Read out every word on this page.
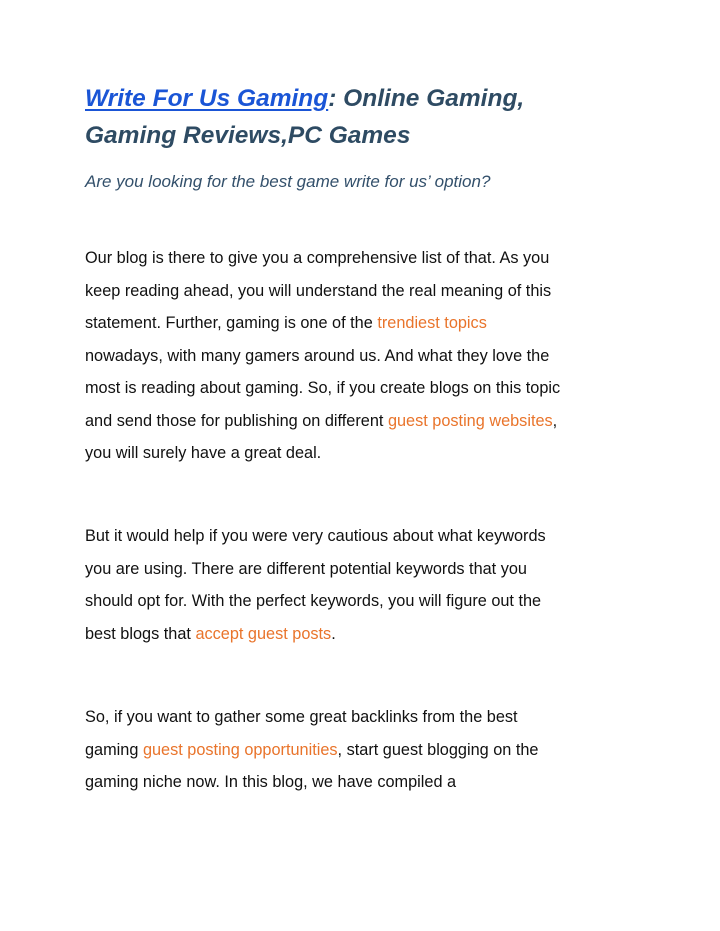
Write For Us Gaming: Online Gaming,
Gaming Reviews,PC Games

Are you looking for the best game write for us’ option?

Our blog is there to give you a comprehensive list of that. As you
keep reading ahead, you will understand the real meaning of this
statement. Further, gaming is one of the trendiest topics
nowadays, with many gamers around us. And what they love the
most is reading about gaming. So, if you create blogs on this topic
and send those for publishing on different guest posting websites,
you will surely have a great deal.

But it would help if you were very cautious about what keywords
you are using. There are different potential keywords that you
should opt for. With the perfect keywords, you will figure out the
best blogs that accept guest posts.

So, if you want to gather some great backlinks from the best
gaming guest posting opportunities, start guest blogging on the
gaming niche now. In this blog, we have compiled a
